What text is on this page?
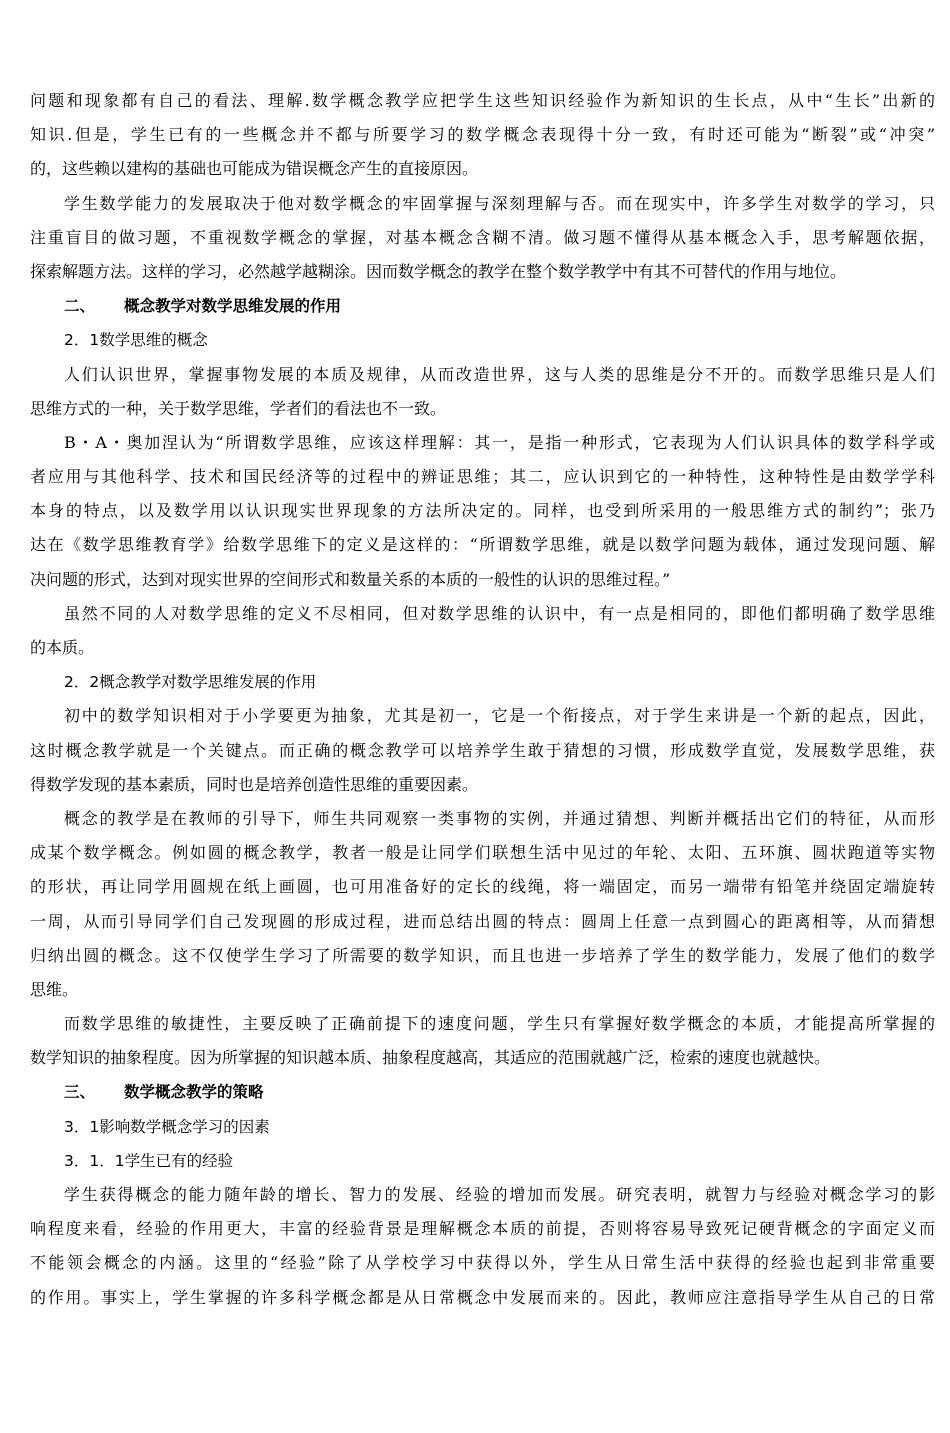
问题和现象都有自己的看法、理解.数学概念教学应把学生这些知识经验作为新知识的生长点，从中“生长”出新的
知识.但是，学生已有的一些概念并不都与所要学习的数学概念表现得十分一致，有时还可能为“断裂”或“冲突”
的，这些赖以建构的基础也可能成为错误概念产生的直接原因。
学生数学能力的发展取决于他对数学概念的牢固掌握与深刻理解与否。而在现实中，许多学生对数学的学习，只
注重盲目的做习题，不重视数学概念的掌握，对基本概念含糊不清。做习题不懂得从基本概念入手，思考解题依据，
探索解题方法。这样的学习，必然越学越糊涂。因而数学概念的教学在整个数学教学中有其不可替代的作用与地位。
二、 概念教学对数学思维发展的作用
2．1数学思维的概念
人们认识世界，掌握事物发展的本质及规律，从而改造世界，这与人类的思维是分不开的。而数学思维只是人们
思维方式的一种，关于数学思维，学者们的看法也不一致。
B・A・奥加涅认为“所谓数学思维，应该这样理解：其一，是指一种形式，它表现为人们认识具体的数学科学或
者应用与其他科学、技术和国民经济等的过程中的辨证思维；其二，应认识到它的一种特性，这种特性是由数学学科
本身的特点，以及数学用以认识现实世界现象的方法所决定的。同样，也受到所采用的一般思维方式的制约”；张乃
达在《数学思维教育学》给数学思维下的定义是这样的：“所谓数学思维，就是以数学问题为载体，通过发现问题、解
决问题的形式，达到对现实世界的空间形式和数量关系的本质的一般性的认识的思维过程。”
虽然不同的人对数学思维的定义不尽相同，但对数学思维的认识中，有一点是相同的，即他们都明确了数学思维
的本质。
2．2概念教学对数学思维发展的作用
初中的数学知识相对于小学要更为抽象，尤其是初一，它是一个衔接点，对于学生来讲是一个新的起点，因此，
这时概念教学就是一个关键点。而正确的概念教学可以培养学生敢于猜想的习惯，形成数学直觉，发展数学思维，获
得数学发现的基本素质，同时也是培养创造性思维的重要因素。
概念的教学是在教师的引导下，师生共同观察一类事物的实例，并通过猜想、判断并概括出它们的特征，从而形
成某个数学概念。例如圆的概念教学，教者一般是让同学们联想生活中见过的年轮、太阳、五环旗、圆状跑道等实物
的形状，再让同学用圆规在纸上画圆，也可用准备好的定长的线绳，将一端固定，而另一端带有铅笔并绕固定端旋转
一周，从而引导同学们自己发现圆的形成过程，进而总结出圆的特点：圆周上任意一点到圆心的距离相等，从而猜想
归纳出圆的概念。这不仅使学生学习了所需要的数学知识，而且也进一步培养了学生的数学能力，发展了他们的数学
思维。
而数学思维的敏捷性，主要反映了正确前提下的速度问题，学生只有掌握好数学概念的本质，才能提高所掌握的
数学知识的抽象程度。因为所掌握的知识越本质、抽象程度越高，其适应的范围就越广泛，检索的速度也就越快。
三、 数学概念教学的策略
3．1影响数学概念学习的因素
3．1．1学生已有的经验
学生获得概念的能力随年龄的增长、智力的发展、经验的增加而发展。研究表明，就智力与经验对概念学习的影
响程度来看，经验的作用更大，丰富的经验背景是理解概念本质的前提，否则将容易导致死记硬背概念的字面定义而
不能领会概念的内涵。这里的“经验”除了从学校学习中获得以外，学生从日常生活中获得的经验也起到非常重要
的作用。事实上，学生掌握的许多科学概念都是从日常概念中发展而来的。因此，教师应注意指导学生从自己的日常
